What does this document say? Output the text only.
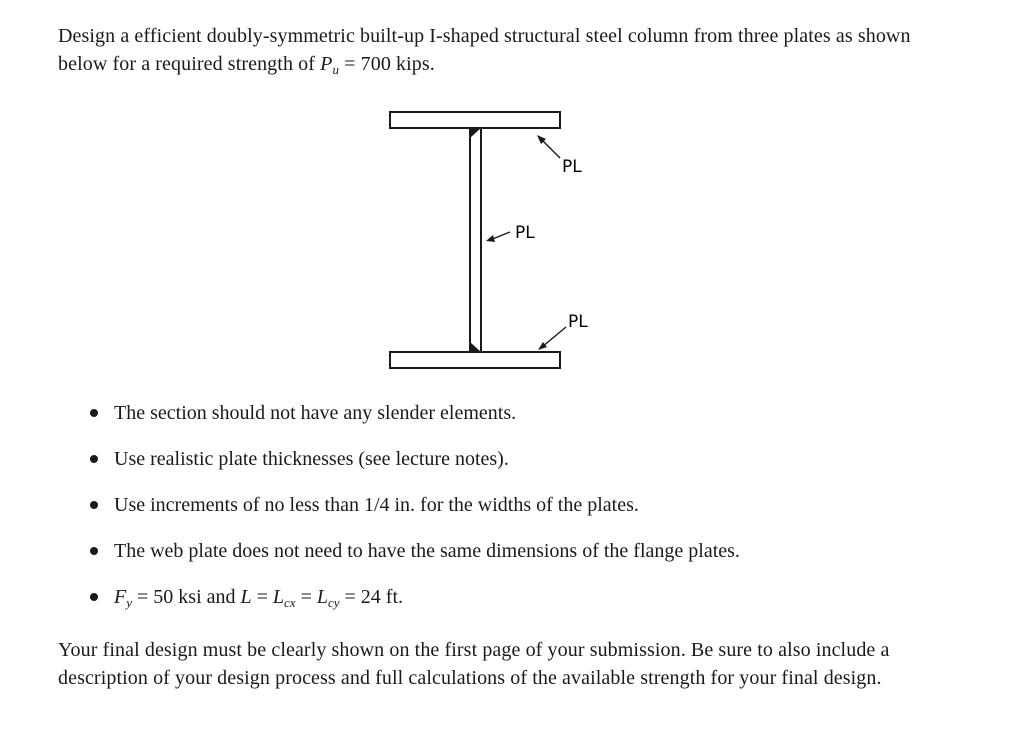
Design a efficient doubly-symmetric built-up I-shaped structural steel column from three plates as shown below for a required strength of $P_u = 700$ kips.

PL
PL
PL
The section should not have any slender elements.
Use realistic plate thicknesses (see lecture notes).
Use increments of no less than 1/4 in. for the widths of the plates.
The web plate does not need to have the same dimensions of the flange plates.
$F_y = 50$ ksi and $L = L_{cx} = L_{cy} = 24$ ft.

Your final design must be clearly shown on the first page of your submission. Be sure to also include a description of your design process and full calculations of the available strength for your final design.
